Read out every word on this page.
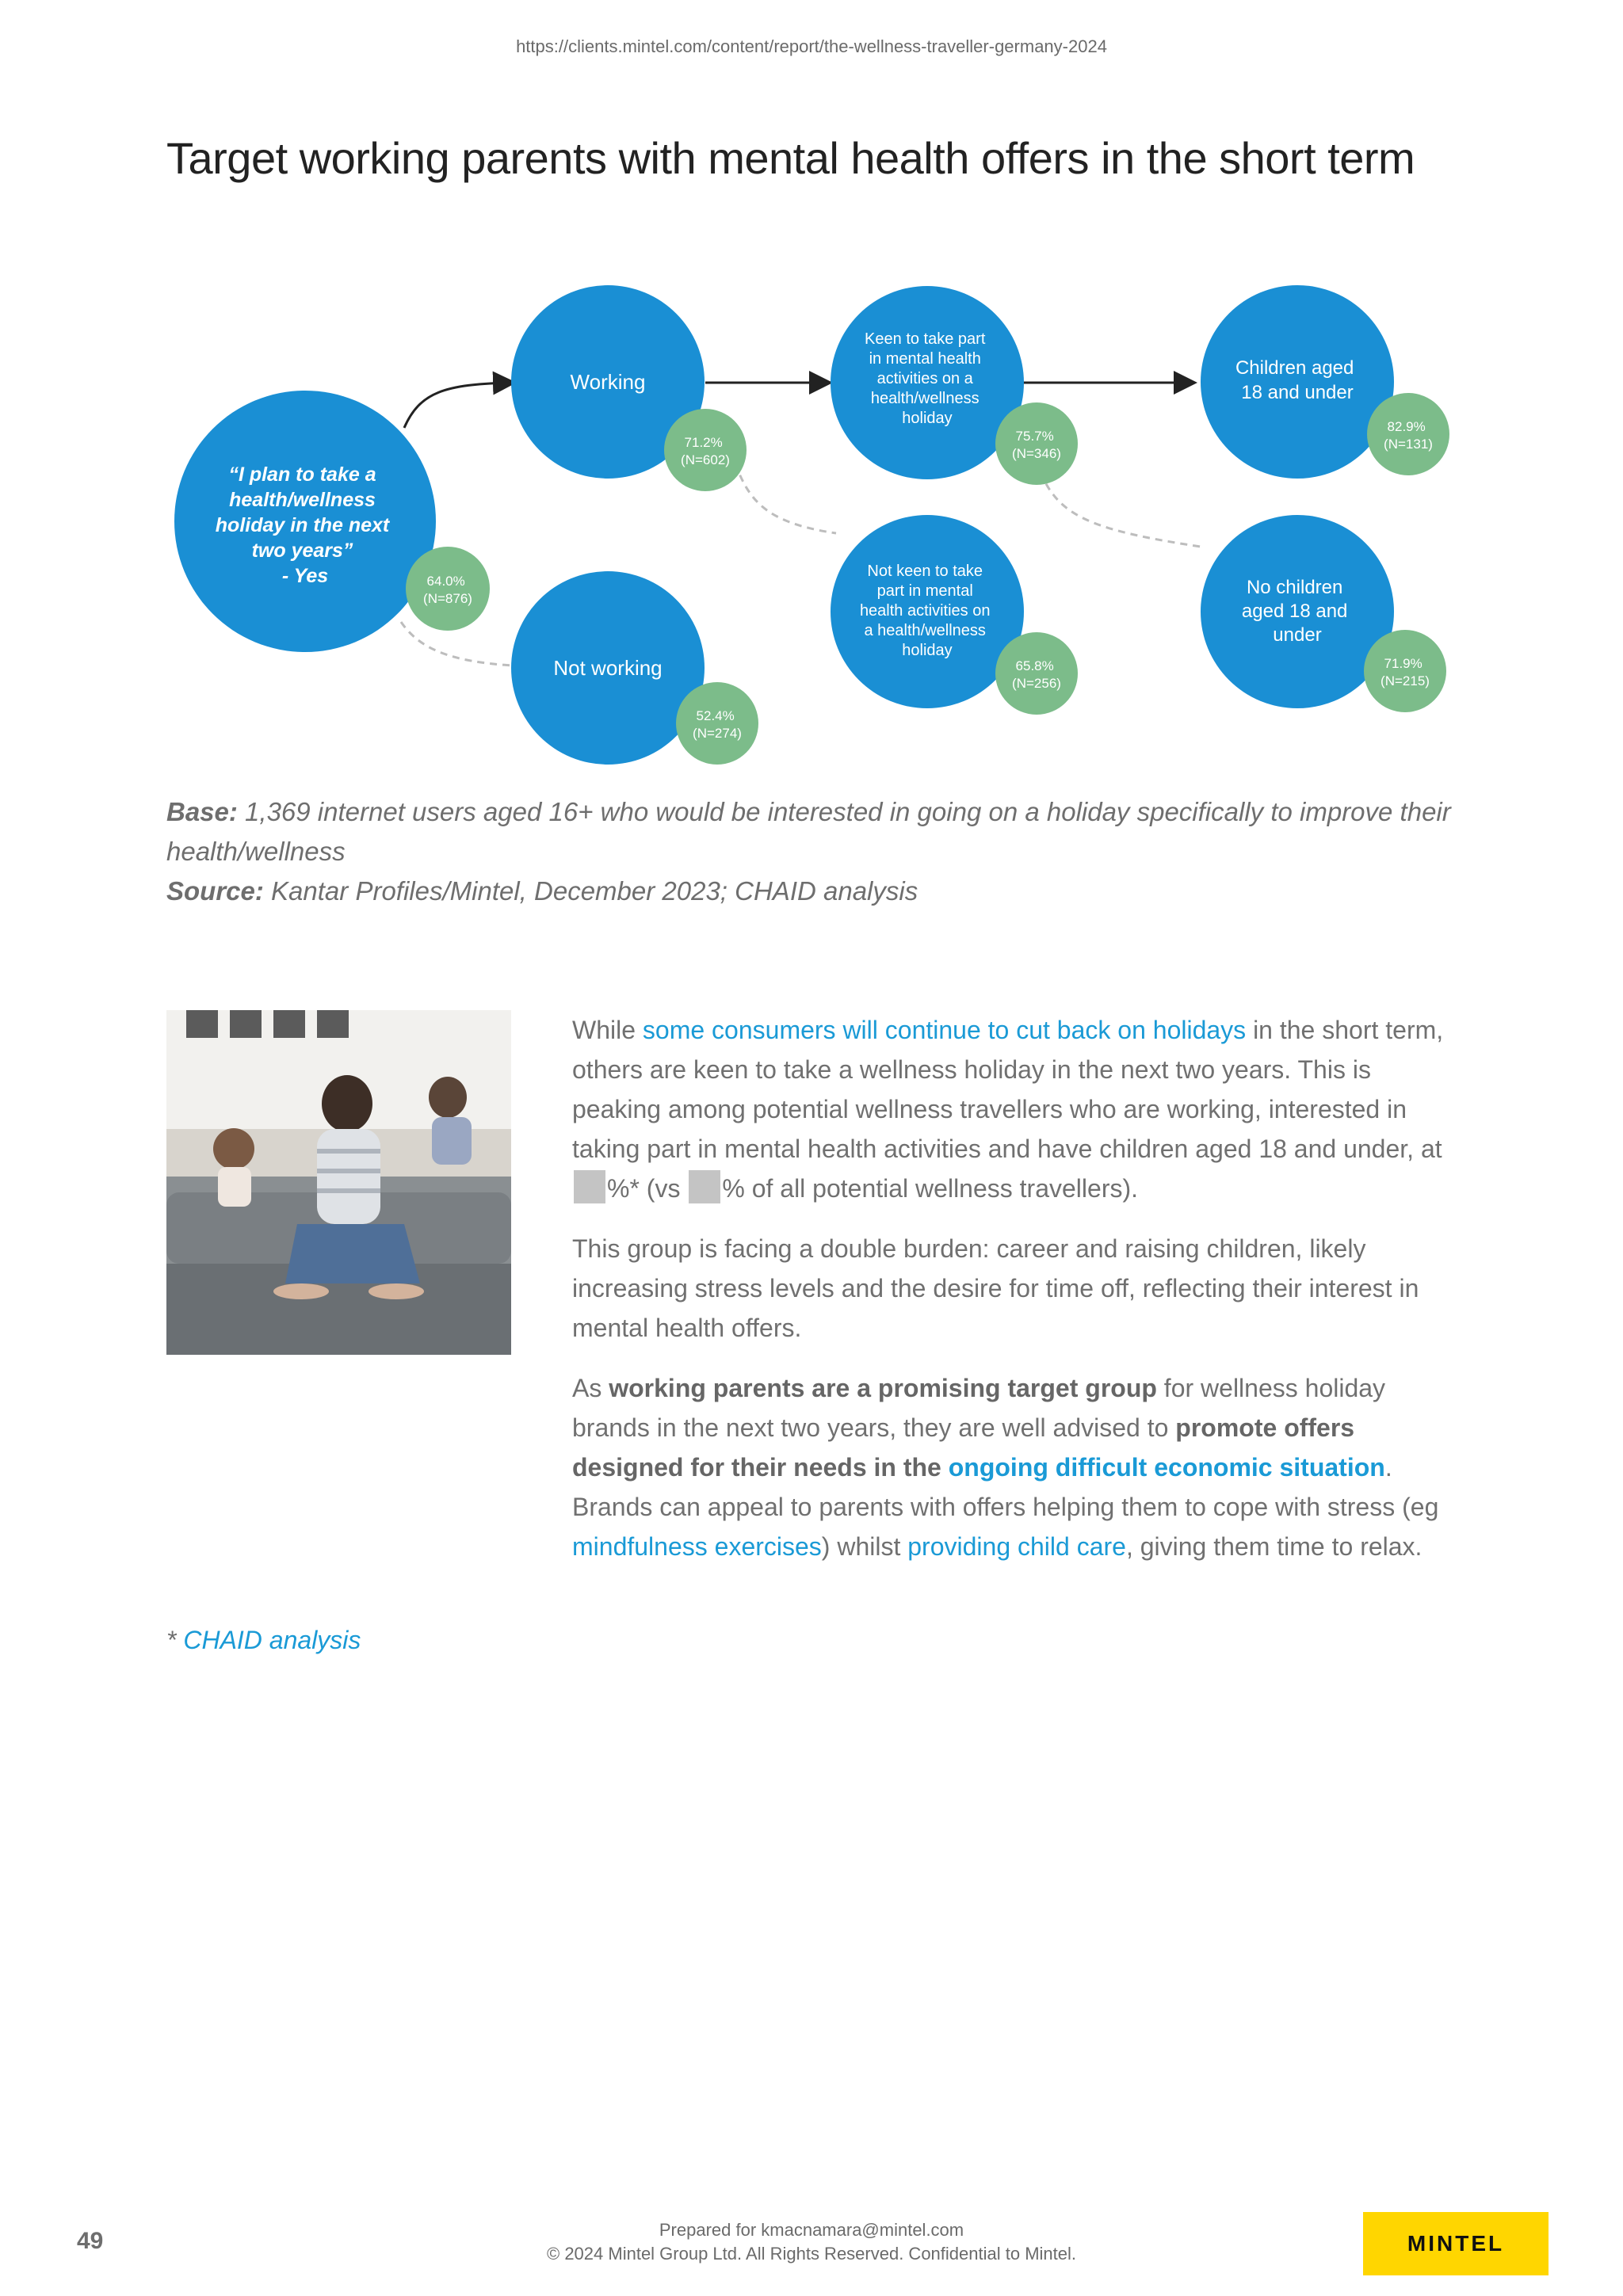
https://clients.mintel.com/content/report/the-wellness-traveller-germany-2024
Target working parents with mental health offers in the short term
“I plan to take a health/wellness holiday in the next two years” - Yes	64.0% (N=876)
Working
71.2% (N=602)
Not working
52.4% (N=274)
Keen to take part in mental health activities on a health/wellness holiday
75.7% (N=346)
Not keen to take part in mental health activities on a health/wellness holiday
65.8% (N=256)
Children aged 18 and under
82.9% (N=131)
No children aged 18 and under
71.9% (N=215)
Base: 1,369 internet users aged 16+ who would be interested in going on a holiday specifically to improve their health/wellness
Source: Kantar Profiles/Mintel, December 2023; CHAID analysis

While some consumers will continue to cut back on holidays in the short term, others are keen to take a wellness holiday in the next two years. This is peaking among potential wellness travellers who are working, interested in taking part in mental health activities and have children aged 18 and under, at %* (vs % of all potential wellness travellers).

This group is facing a double burden: career and raising children, likely increasing stress levels and the desire for time off, reflecting their interest in mental health offers.

As working parents are a promising target group for wellness holiday brands in the next two years, they are well advised to promote offers designed for their needs in the ongoing difficult economic situation. Brands can appeal to parents with offers helping them to cope with stress (eg mindfulness exercises) whilst providing child care, giving them time to relax.

* CHAID analysis
49	Prepared for kmacnamara@mintel.com
© 2024 Mintel Group Ltd. All Rights Reserved. Confidential to Mintel.	MINTEL
